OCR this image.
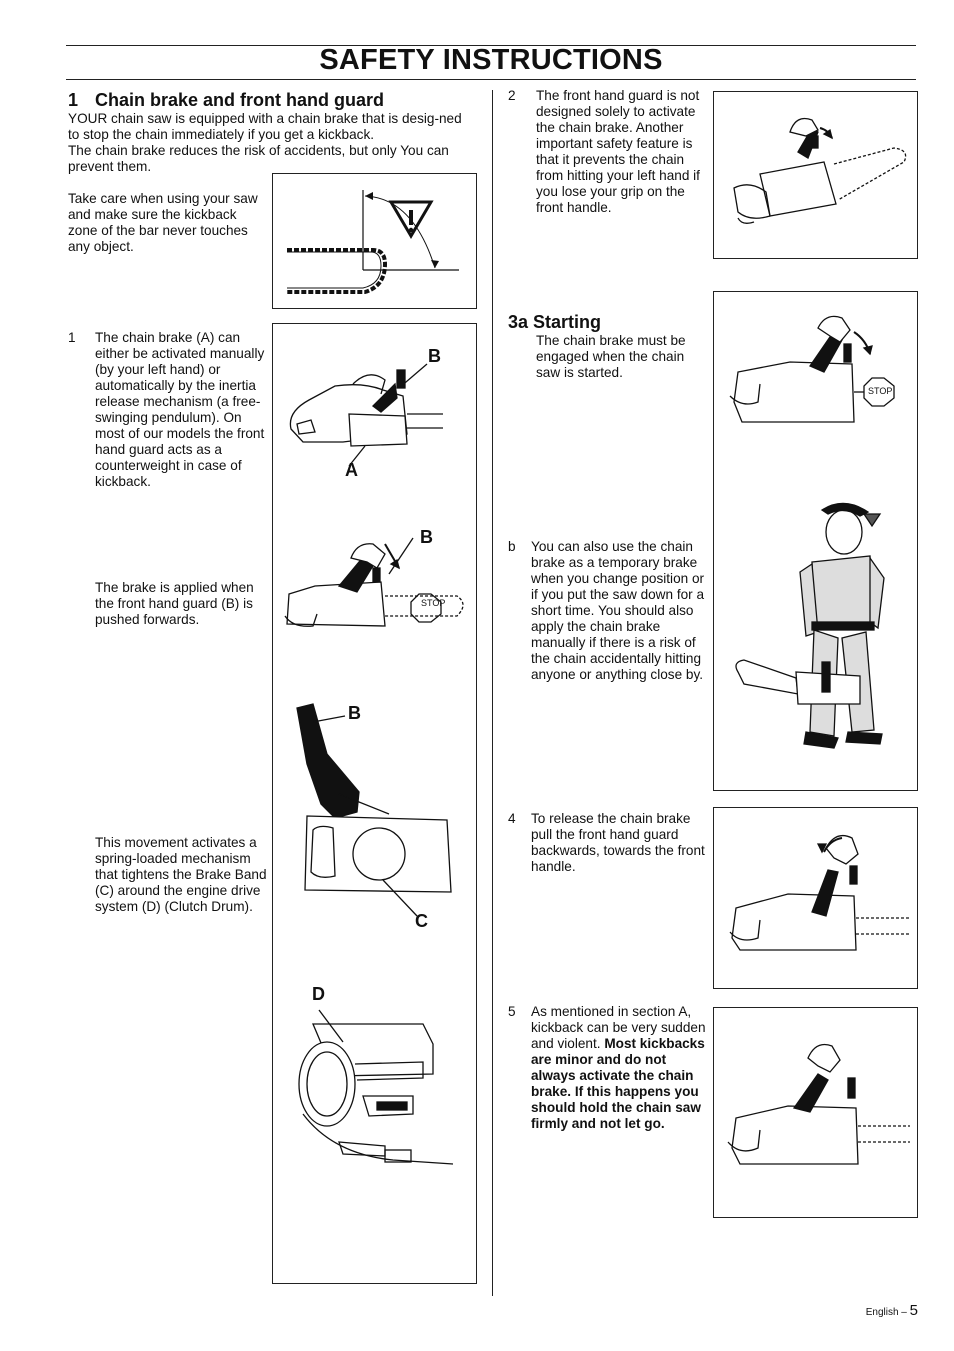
SAFETY INSTRUCTIONS
1 Chain brake and front hand guard
YOUR chain saw is equipped with a chain brake that is desig-ned to stop the chain immediately if you get a kickback.
The chain brake reduces the risk of accidents, but only You can prevent them.
Take care when using your saw and make sure the kickback zone of the bar never touches any object.
1 The chain brake (A) can either be activated manually (by your left hand) or automatically by the inertia release mechanism (a free-swinging pendulum). On most of our models the front hand guard acts as a counterweight in case of kickback.
The brake is applied when the front hand guard (B) is pushed forwards.
This movement activates a spring-loaded mechanism that tightens the Brake Band (C) around the engine drive system (D) (Clutch Drum).
B
A
B
STOP
B
C
D
2 The front hand guard is not designed solely to activate the chain brake. Another important safety feature is that it prevents the chain from hitting your left hand if you lose your grip on the front handle.
3a Starting
The chain brake must be engaged when the chain saw is started.
STOP
b You can also use the chain brake as a temporary brake when you change position or if you put the saw down for a short time. You should also apply the chain brake manually if there is a risk of the chain accidentally hitting anyone or anything close by.
4 To release the chain brake pull the front hand guard backwards, towards the front handle.
5 As mentioned in section A, kickback can be very sudden and violent. Most kickbacks are minor and do not always activate the chain brake. If this happens you should hold the chain saw firmly and not let go.
English – 5
